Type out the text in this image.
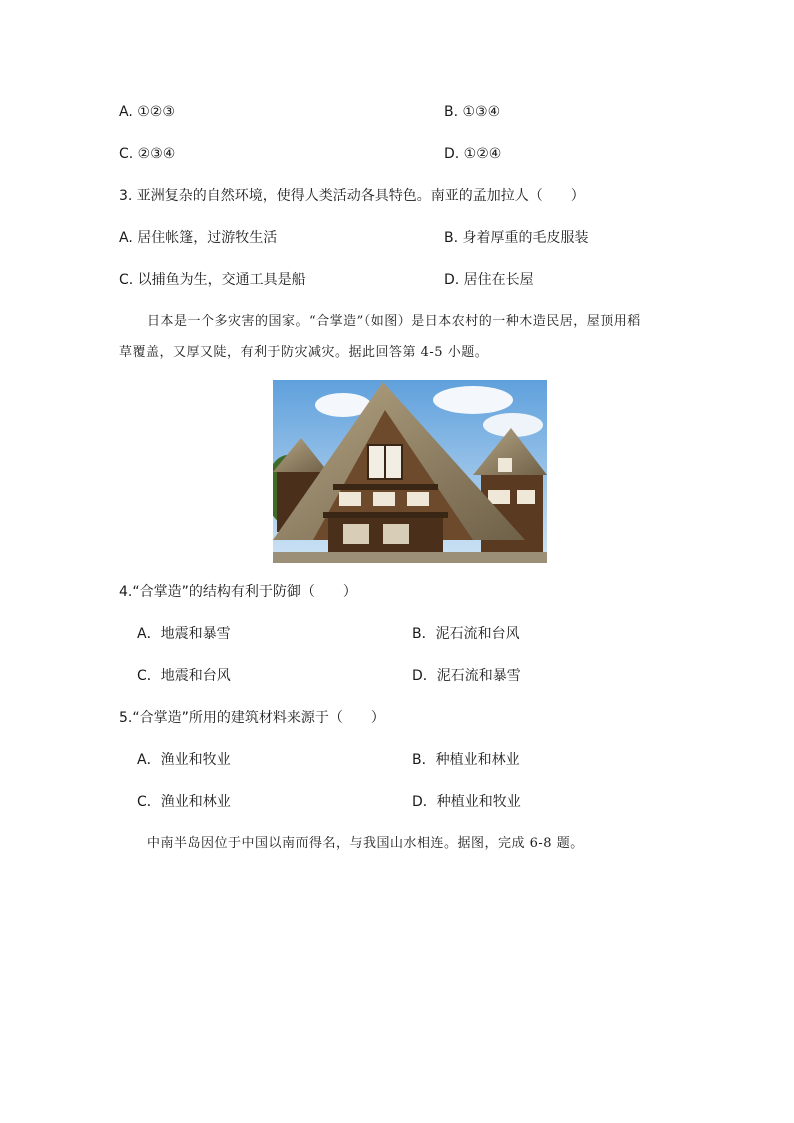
A. ①②③	B. ①③④
C. ②③④	D. ①②④
3. 亚洲复杂的自然环境，使得人类活动各具特色。南亚的孟加拉人（　　）
A. 居住帐篷，过游牧生活	B. 身着厚重的毛皮服装
C. 以捕鱼为生，交通工具是船	D. 居住在长屋
日本是一个多灾害的国家。“合掌造”（如图）是日本农村的一种木造民居，屋顶用稻
草覆盖，又厚又陡，有利于防灾减灾。据此回答第 4-5 小题。
4.“合掌造”的结构有利于防御（　　）
A．地震和暴雪	B．泥石流和台风
C．地震和台风	D．泥石流和暴雪
5.“合掌造”所用的建筑材料来源于（　　）
A．渔业和牧业	B．种植业和林业
C．渔业和林业	D．种植业和牧业
中南半岛因位于中国以南而得名，与我国山水相连。据图，完成 6-8 题。
